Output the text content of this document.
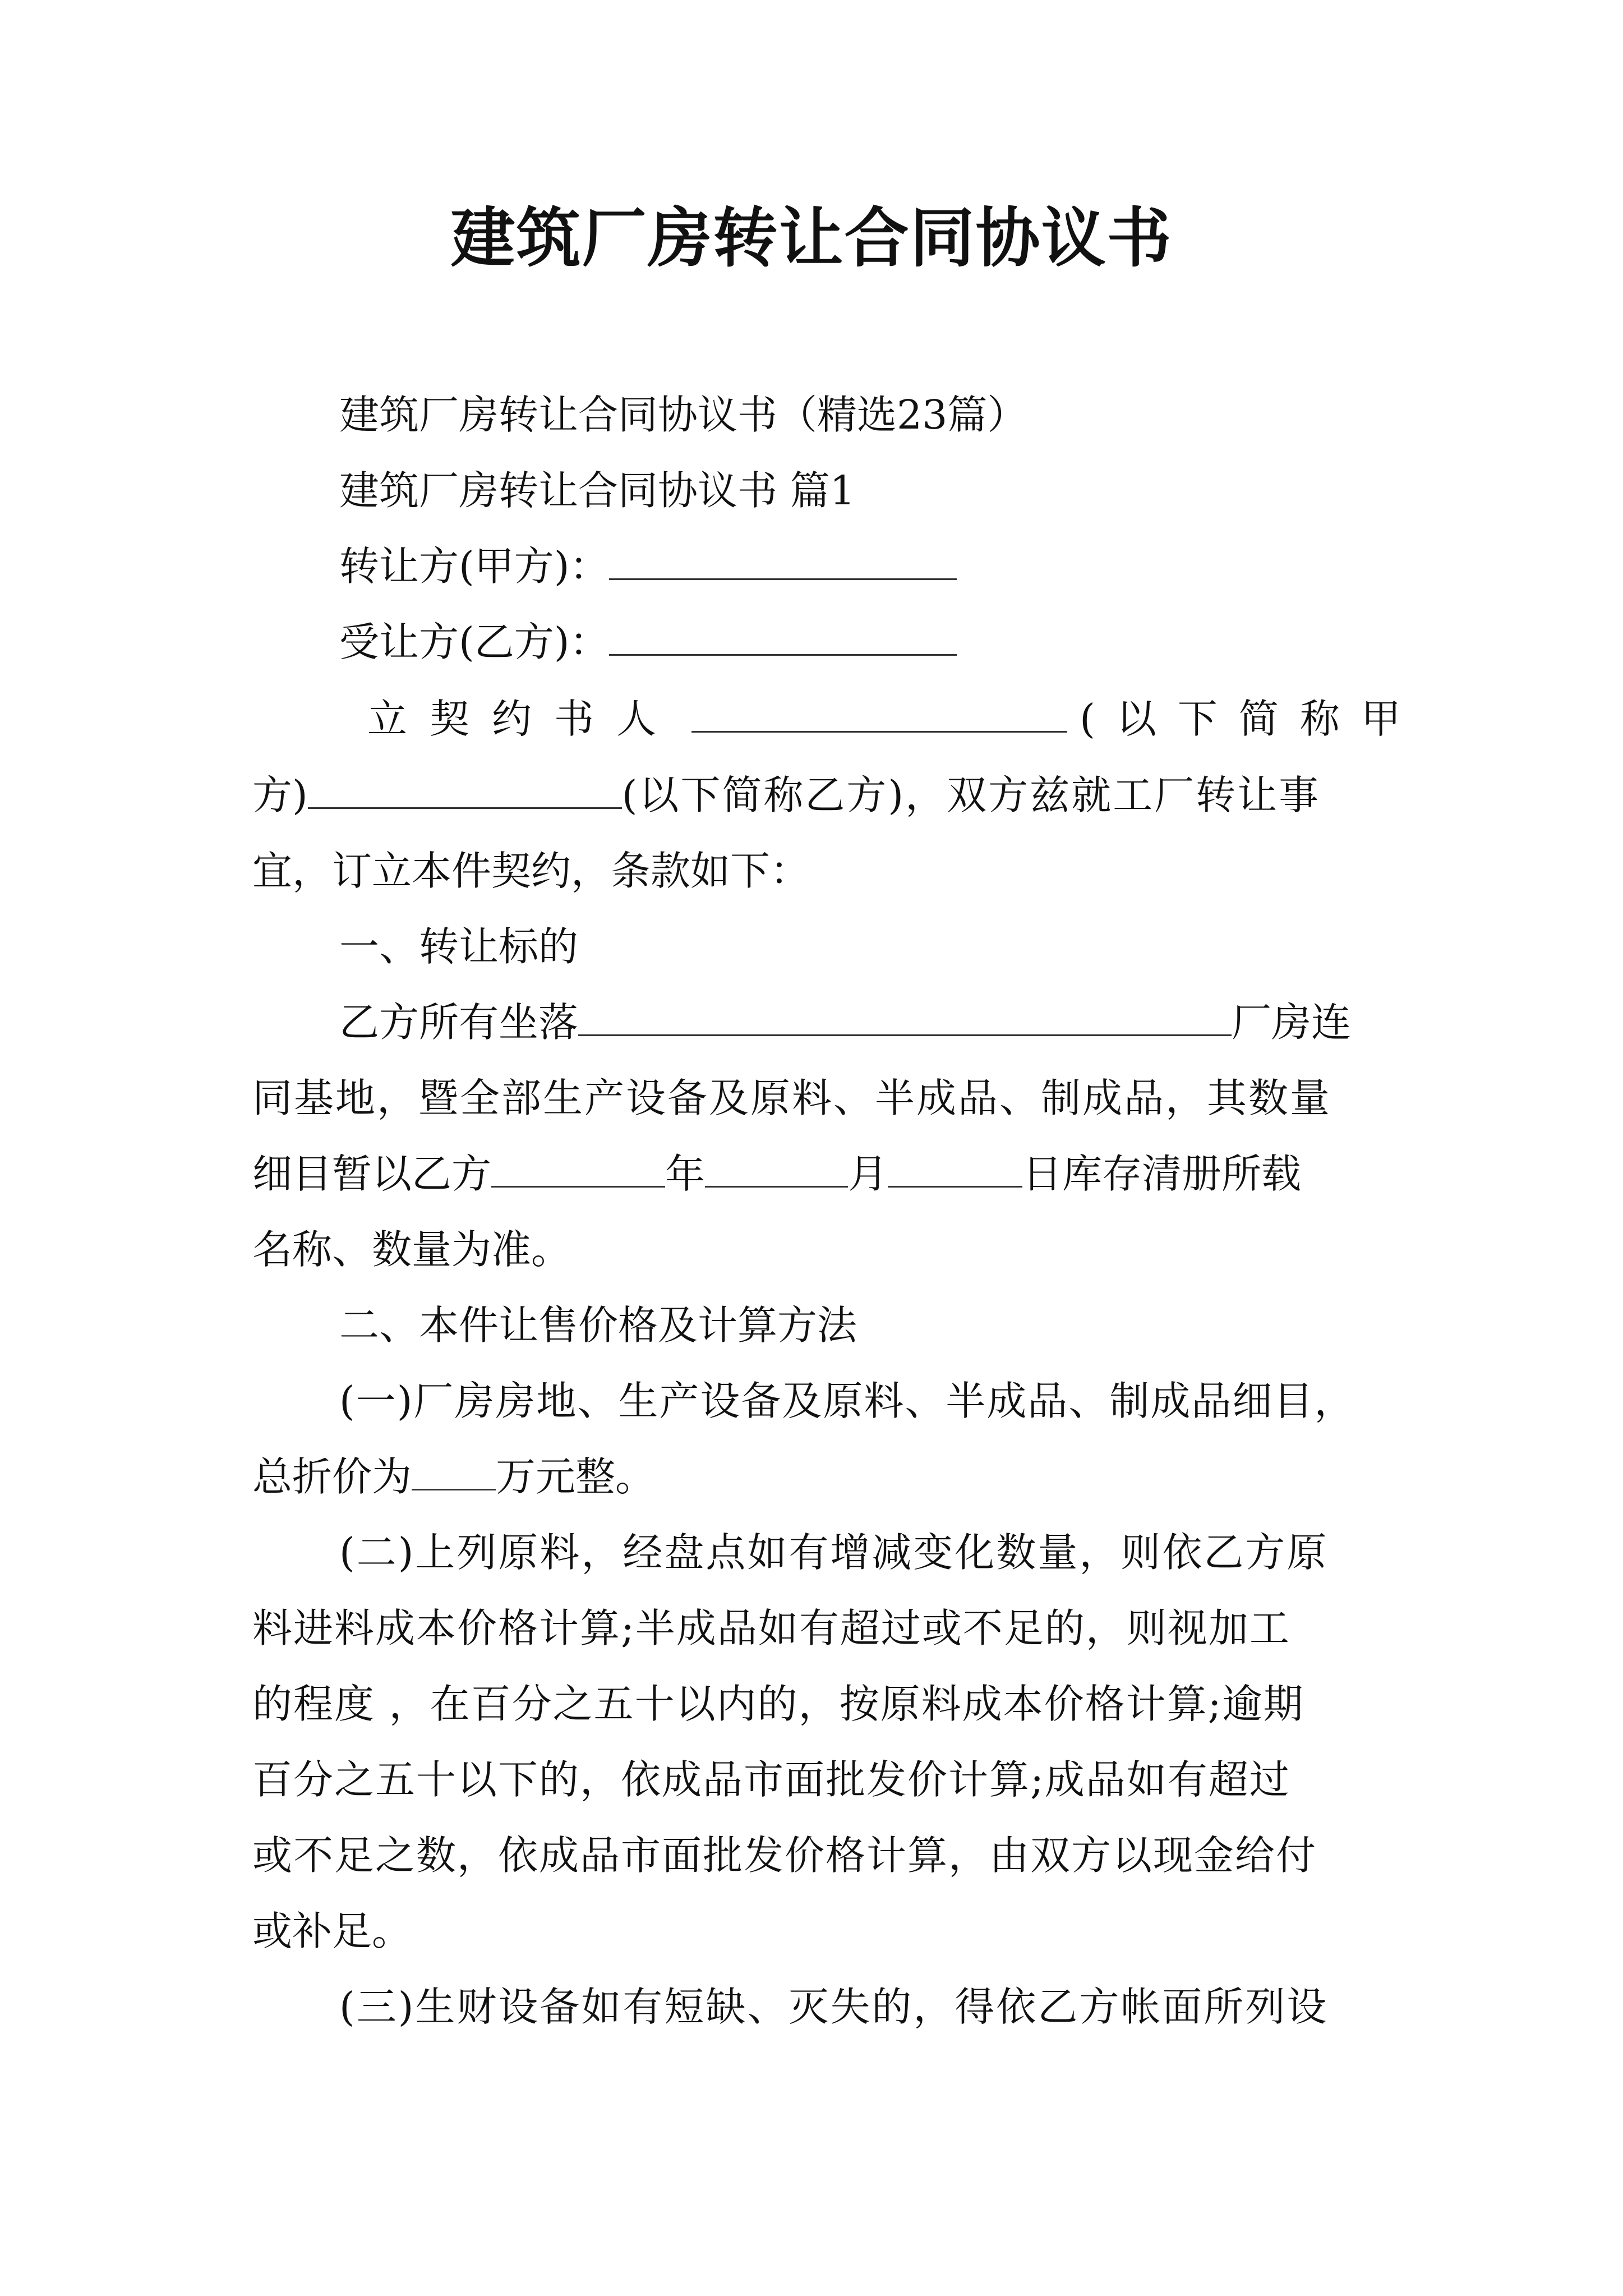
建筑厂房转让合同协议书
建筑厂房转让合同协议书（精选23篇）
建筑厂房转让合同协议书 篇1
转让方(甲方)：
受让方(乙方)：
立契约书人	(以下简称甲
方)	(以下简称乙方)，双方兹就工厂转让事
宜，订立本件契约，条款如下：
一、转让标的
乙方所有坐落	厂房连
同基地，暨全部生产设备及原料、半成品、制成品，其数量
细目暂以乙方	年	月	日库存清册所载
名称、数量为准。
二、本件让售价格及计算方法
(一)厂房房地、生产设备及原料、半成品、制成品细目，
总折价为 万元整。
(二)上列原料，经盘点如有增减变化数量，则依乙方原
料进料成本价格计算;半成品如有超过或不足的，则视加工
的程度 ，在百分之五十以内的，按原料成本价格计算;逾期
百分之五十以下的，依成品市面批发价计算;成品如有超过
或不足之数，依成品市面批发价格计算，由双方以现金给付
或补足。
(三)生财设备如有短缺、灭失的，得依乙方帐面所列设
